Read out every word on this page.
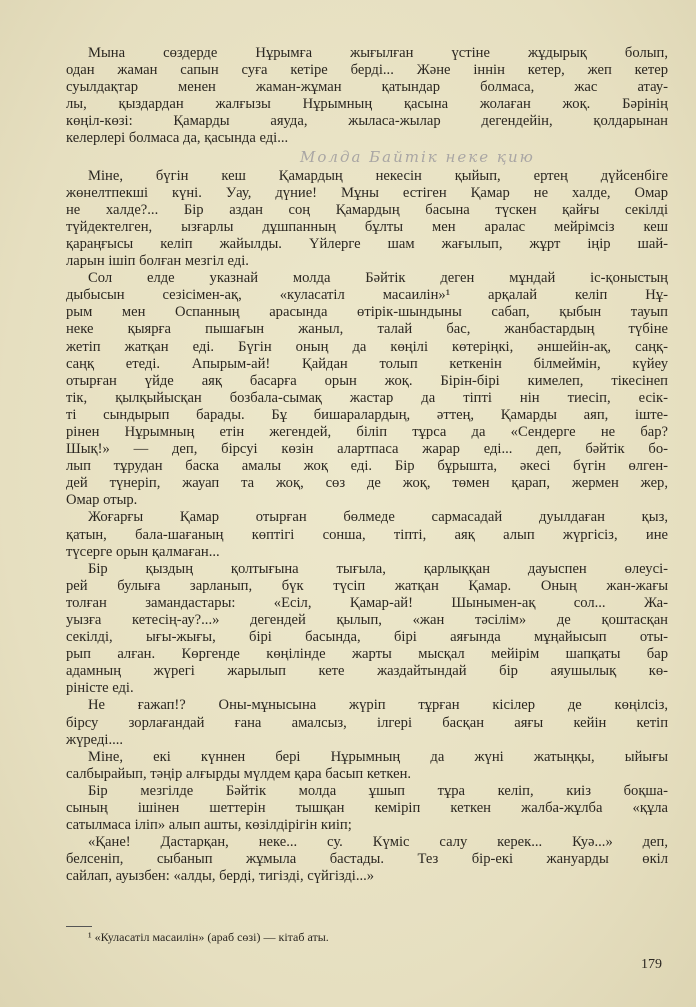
Молда Байтік неке қию
Мына сөздерде Нұрымға жығылған үстіне жұдырық болып,
одан жаман сапын суға кетіре берді... Және іннін кетер, жеп кетер
суылдақтар менен жаман-жұман қатындар болмаса, жас атау-
лы, қыздардан жалғызы Нұрымның қасына жолаған жоқ. Бәрінің
көңіл-көзі: Қамарды аяуда, жылаcа-жылар дегендейін, қолдарынан
келерлері болмаса да, қасында еді...
Міне, бүгін кеш Қамардың некесін қыйып, ертең дүйсенбіге
жөнелтпекші күні. Уау, дүние! Мұны естіген Қамар не халде, Омар
не халде?... Бір аздан соң Қамардың басына түскен қайғы секілді
түйдектелген, ызғарлы дұшпанның бұлты мен аралас мейрімсіз кеш
қараңғысы келіп жайылды. Үйлерге шам жағылып, жұрт іңір шай-
ларын ішіп болған мезгіл еді.
Сол елде указнай молда Бәйтік деген мұндай іс-қоныстың
дыбысын сезісімен-ақ, «куласатіл масаилін»¹ арқалай келіп Нұ-
рым мен Оспанның арасында өтірік-шындыны сабап, қыбын тауып
неке қыярға пышағын жаныл, талай бас, жанбастардың түбіне
жетіп жатқан еді. Бүгін оның да көңілі көтеріңкі, әншейін-ақ, саңқ-
саңқ етеді. Апырым-ай! Қайдан толып кеткенін білмеймін, күйеу
отырған үйде аяқ басарға орын жоқ. Бірін-бірі кимелеп, тікесінеп
тік, қылқыйысқан бозбала-сымақ жастар да тіпті нін тиесіп, есік-
ті сындырып барады. Бұ бишаралардың, әттең, Қамарды аяп, іште-
рінен Нұрымның етін жегендей, біліп тұрса да «Сендерге не бар?
Шық!» — деп, бірсуі көзін алартпаса жарар еді... деп, бәйтік бо-
лып тұрудан баска амалы жоқ еді. Бір бұрышта, әкесі бүгін өлген-
дей түнеріп, жауап та жоқ, сөз де жоқ, төмен қарап, жермен жер,
Омар отыр.
Жоғарғы Қамар отырған бөлмеде сармасадай дуылдаған қыз,
қатын, бала-шағаның көптігі сонша, тіпті, аяқ алып жүргісіз, ине
түсерге орын қалмаған...
Бір қыздың қолтығына тығыла, қарлыққан дауыспен өлеусі-
рей булыға зарланып, бүк түсіп жатқан Қамар. Оның жан-жағы
толған замандастары: «Есіл, Қамар-ай! Шынымен-ақ сол... Жа-
уызға кетесің-ау?...» дегендей қылып, «жан тәсілім» де қоштасқан
секілді, ығы-жығы, бірі басында, бірі аяғында мұңайысып оты-
рып алған. Көргенде көңілінде жарты мысқал мейірім шапқаты бар
адамның жүрегі жарылып кете жаздайтындай бір аяушылық кө-
ріністе еді.
Не ғажап!? Оны-мұнысына жүріп тұрған кісілер де көңілсіз,
бірсу зорлағандай ғана амалсыз, ілгері басқан аяғы кейін кетіп
жүреді....
Міне, екі күннен бері Нұрымның да жүні жатыңқы, ыйығы
салбырайып, тәңір алғырды мүлдем қара басып кеткен.
Бір мезгілде Бәйтік молда ұшып тұра келіп, киіз боқша-
сының ішінен шеттерін тышқан кеміріп кеткен жалба-жұлба «құла
сатылмаса іліп» алып ашты, көзілдірігін киіп;
«Қане! Дастарқан, неке... су. Күміс салу керек... Куә...» деп,
белсеніп, сыбанып жұмыла бастады. Тез бір-екі жануарды өкіл
сайлап, ауызбен: «алды, берді, тигізді, сүйгізді...»
¹ «Куласатіл масаилін» (араб сөзі) — кітаб аты.
179
